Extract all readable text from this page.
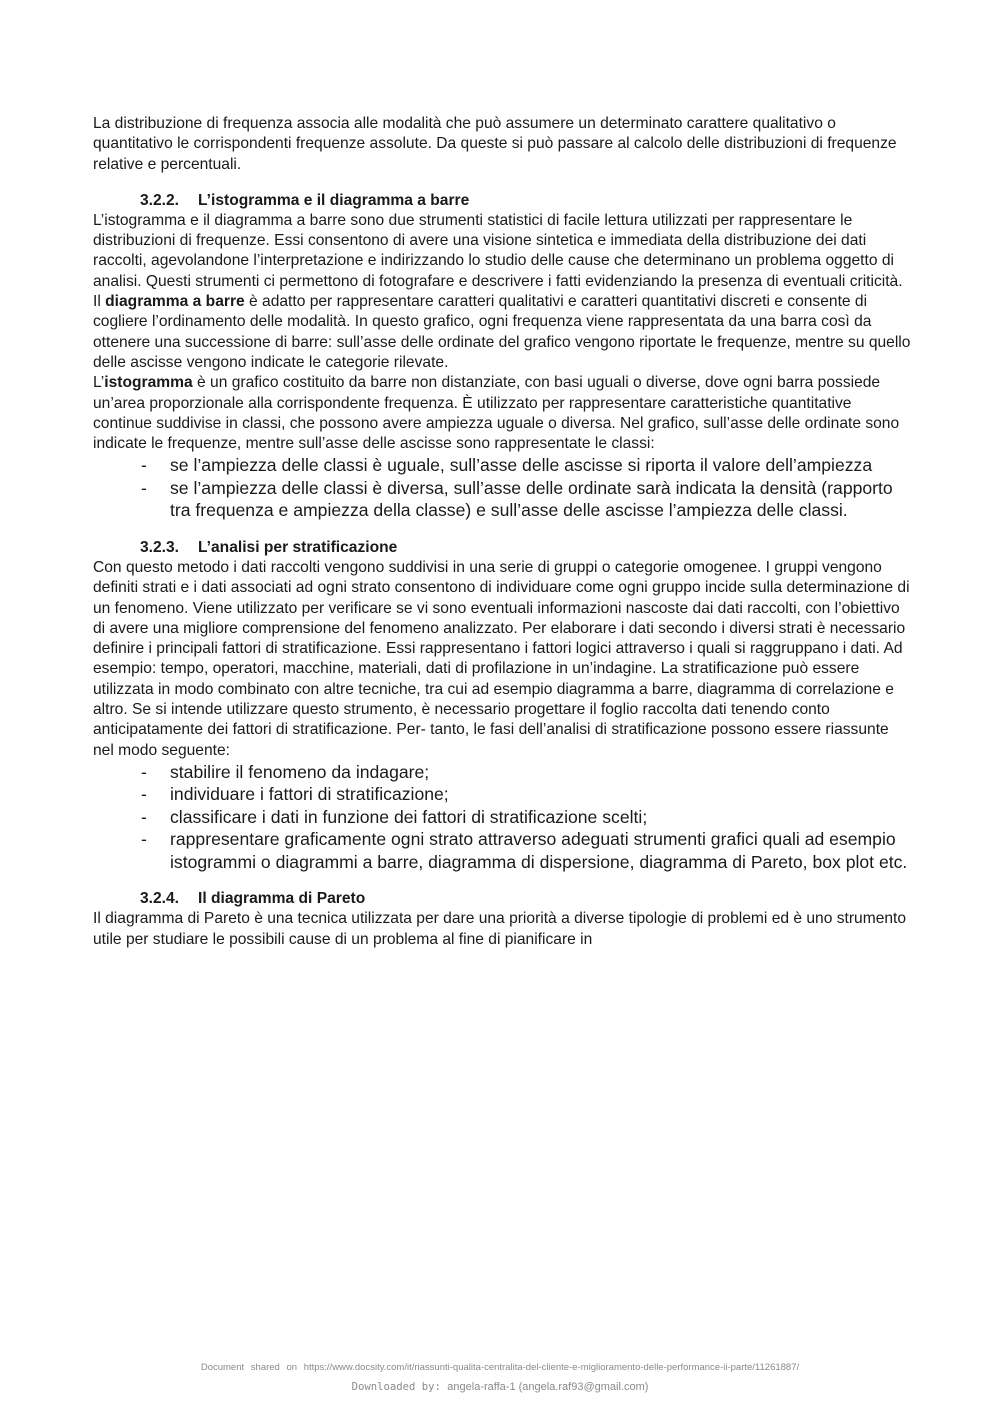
La distribuzione di frequenza associa alle modalità che può assumere un determinato carattere qualitativo o quantitativo le corrispondenti frequenze assolute. Da queste si può passare al calcolo delle distribuzioni di frequenze relative e percentuali.

3.2.2. L’istogramma e il diagramma a barre

L’istogramma e il diagramma a barre sono due strumenti statistici di facile lettura utilizzati per rappresentare le distribuzioni di frequenze. Essi consentono di avere una visione sintetica e immediata della distribuzione dei dati raccolti, agevolandone l’interpretazione e indirizzando lo studio delle cause che determinano un problema oggetto di analisi. Questi strumenti ci permettono di fotografare e descrivere i fatti evidenziando la presenza di eventuali criticità.

Il diagramma a barre è adatto per rappresentare caratteri qualitativi e caratteri quantitativi discreti e consente di cogliere l’ordinamento delle modalità. In questo grafico, ogni frequenza viene rappresentata da una barra così da ottenere una successione di barre: sull’asse delle ordinate del grafico vengono riportate le frequenze, mentre su quello delle ascisse vengono indicate le categorie rilevate.

L’istogramma è un grafico costituito da barre non distanziate, con basi uguali o diverse, dove ogni barra possiede un’area proporzionale alla corrispondente frequenza. È utilizzato per rappresentare caratteristiche quantitative continue suddivise in classi, che possono avere ampiezza uguale o diversa. Nel grafico, sull’asse delle ordinate sono indicate le frequenze, mentre sull’asse delle ascisse sono rappresentate le classi:

- se l’ampiezza delle classi è uguale, sull’asse delle ascisse si riporta il valore dell’ampiezza
- se l’ampiezza delle classi è diversa, sull’asse delle ordinate sarà indicata la densità (rapporto tra frequenza e ampiezza della classe) e sull’asse delle ascisse l’ampiezza delle classi.
3.2.3. L’analisi per stratificazione

Con questo metodo i dati raccolti vengono suddivisi in una serie di gruppi o categorie omogenee. I gruppi vengono definiti strati e i dati associati ad ogni strato consentono di individuare come ogni gruppo incide sulla determinazione di un fenomeno. Viene utilizzato per verificare se vi sono eventuali informazioni nascoste dai dati raccolti, con l’obiettivo di avere una migliore comprensione del fenomeno analizzato. Per elaborare i dati secondo i diversi strati è necessario definire i principali fattori di stratificazione. Essi rappresentano i fattori logici attraverso i quali si raggruppano i dati. Ad esempio: tempo, operatori, macchine, materiali, dati di profilazione in un’indagine. La stratificazione può essere utilizzata in modo combinato con altre tecniche, tra cui ad esempio diagramma a barre, diagramma di correlazione e altro. Se si intende utilizzare questo strumento, è necessario progettare il foglio raccolta dati tenendo conto anticipatamente dei fattori di stratificazione. Per- tanto, le fasi dell’analisi di stratificazione possono essere riassunte nel modo seguente:

- stabilire il fenomeno da indagare;
- individuare i fattori di stratificazione;
- classificare i dati in funzione dei fattori di stratificazione scelti;
- rappresentare graficamente ogni strato attraverso adeguati strumenti grafici quali ad esempio istogrammi o diagrammi a barre, diagramma di dispersione, diagramma di Pareto, box plot etc.
3.2.4. Il diagramma di Pareto

Il diagramma di Pareto è una tecnica utilizzata per dare una priorità a diverse tipologie di problemi ed è uno strumento utile per studiare le possibili cause di un problema al fine di pianificare in

Document shared on https://www.docsity.com/it/riassunti-qualita-centralita-del-cliente-e-miglioramento-delle-performance-ii-parte/11261887/
Downloaded by: angela-raffa-1 (angela.raf93@gmail.com)
